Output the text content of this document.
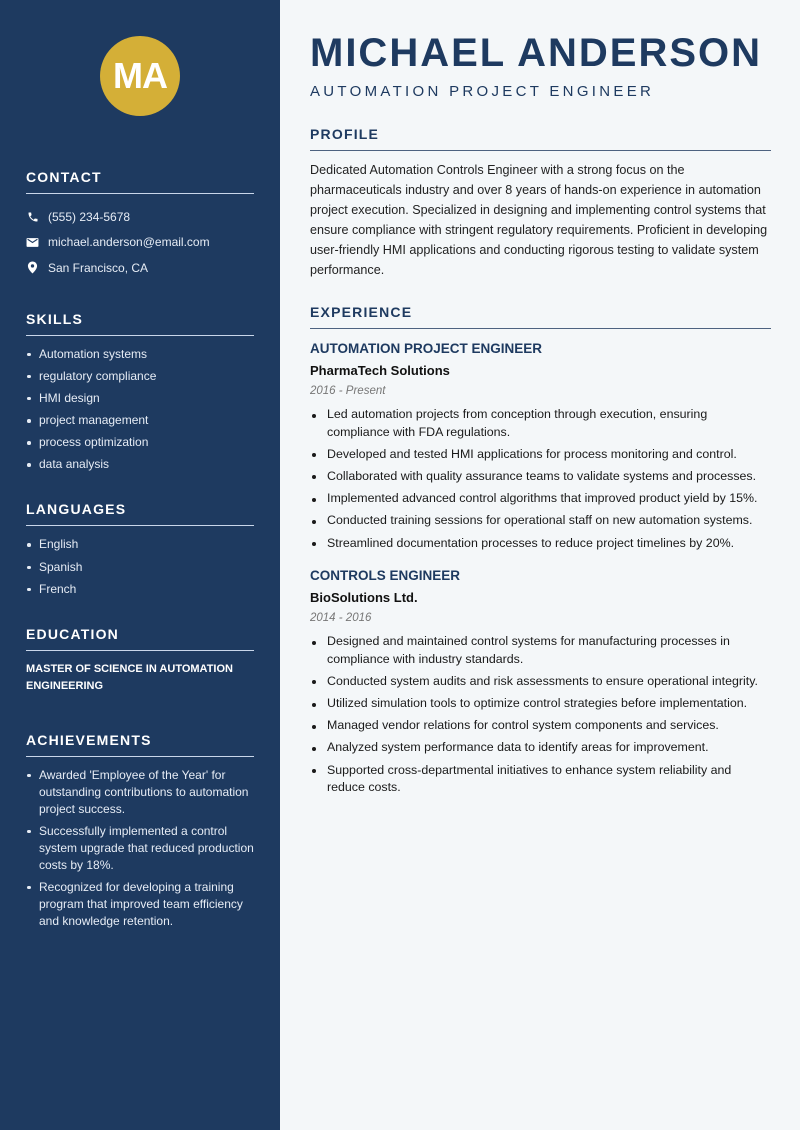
MA
CONTACT
(555) 234-5678
michael.anderson@email.com
San Francisco, CA
SKILLS
Automation systems
regulatory compliance
HMI design
project management
process optimization
data analysis
LANGUAGES
English
Spanish
French
EDUCATION
MASTER OF SCIENCE IN AUTOMATION ENGINEERING
ACHIEVEMENTS
Awarded 'Employee of the Year' for outstanding contributions to automation project success.
Successfully implemented a control system upgrade that reduced production costs by 18%.
Recognized for developing a training program that improved team efficiency and knowledge retention.
MICHAEL ANDERSON
AUTOMATION PROJECT ENGINEER
PROFILE

Dedicated Automation Controls Engineer with a strong focus on the pharmaceuticals industry and over 8 years of hands-on experience in automation project execution. Specialized in designing and implementing control systems that ensure compliance with stringent regulatory requirements. Proficient in developing user-friendly HMI applications and conducting rigorous testing to validate system performance.

EXPERIENCE
AUTOMATION PROJECT ENGINEER
PharmaTech Solutions
2016 - Present
Led automation projects from conception through execution, ensuring compliance with FDA regulations.
Developed and tested HMI applications for process monitoring and control.
Collaborated with quality assurance teams to validate systems and processes.
Implemented advanced control algorithms that improved product yield by 15%.
Conducted training sessions for operational staff on new automation systems.
Streamlined documentation processes to reduce project timelines by 20%.
CONTROLS ENGINEER
BioSolutions Ltd.
2014 - 2016
Designed and maintained control systems for manufacturing processes in compliance with industry standards.
Conducted system audits and risk assessments to ensure operational integrity.
Utilized simulation tools to optimize control strategies before implementation.
Managed vendor relations for control system components and services.
Analyzed system performance data to identify areas for improvement.
Supported cross-departmental initiatives to enhance system reliability and reduce costs.
